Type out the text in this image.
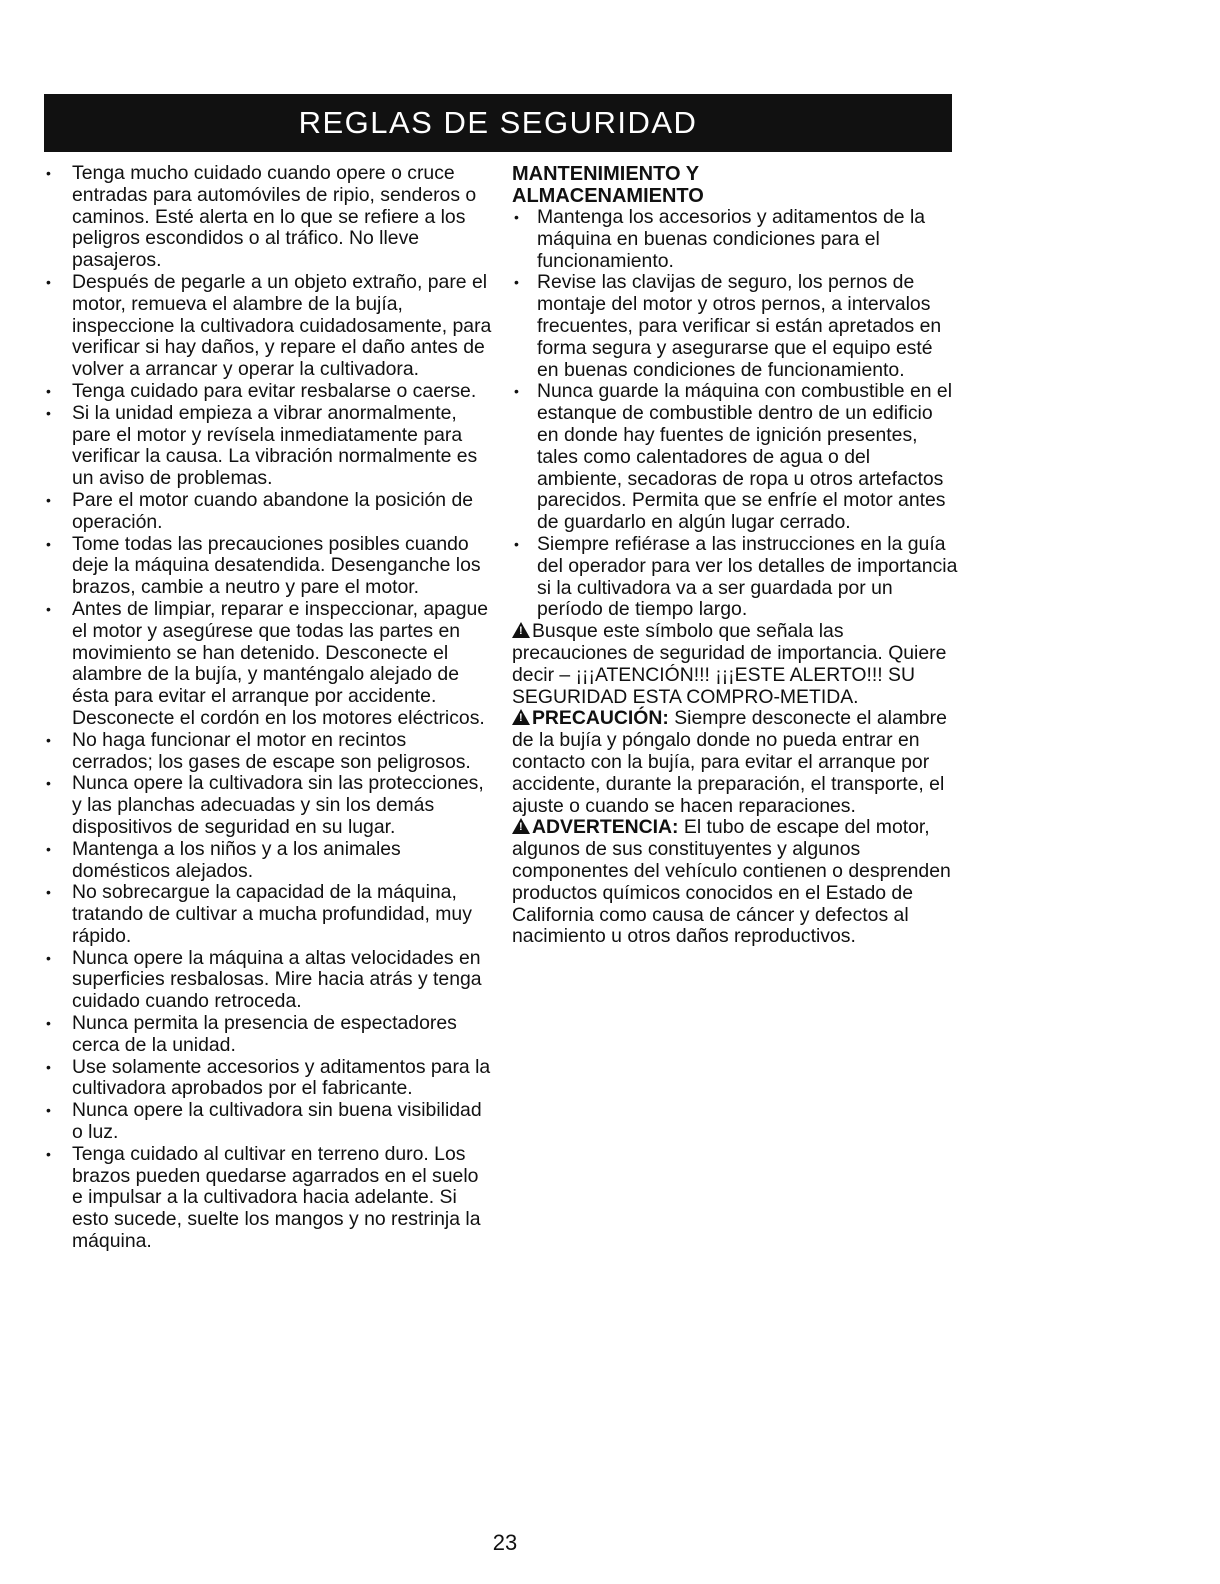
REGLAS DE SEGURIDAD
• Tenga mucho cuidado cuando opere o cruce entradas para automóviles de ripio, senderos o caminos. Esté alerta en lo que se refiere a los peligros escondidos o al tráfico. No lleve pasajeros.
• Después de pegarle a un objeto extraño, pare el motor, remueva el alambre de la bujía, inspeccione la cultivadora cuidadosamente, para verificar si hay daños, y repare el daño antes de volver a arrancar y operar la cultivadora.
• Tenga cuidado para evitar resbalarse o caerse.
• Si la unidad empieza a vibrar anormalmente, pare el motor y revísela inmediatamente para verificar la causa. La vibración normalmente es un aviso de problemas.
• Pare el motor cuando abandone la posición de operación.
• Tome todas las precauciones posibles cuando deje la máquina desatendida. Desenganche los brazos, cambie a neutro y pare el motor.
• Antes de limpiar, reparar e inspeccionar, apague el motor y asegúrese que todas las partes en movimiento se han detenido. Desconecte el alambre de la bujía, y manténgalo alejado de ésta para evitar el arranque por accidente. Desconecte el cordón en los motores eléctricos.
• No haga funcionar el motor en recintos cerrados; los gases de escape son peligrosos.
• Nunca opere la cultivadora sin las protecciones, y las planchas adecuadas y sin los demás dispositivos de seguridad en su lugar.
• Mantenga a los niños y a los animales domésticos alejados.
• No sobrecargue la capacidad de la máquina, tratando de cultivar a mucha profundidad, muy rápido.
• Nunca opere la máquina a altas velocidades en superficies resbalosas. Mire hacia atrás y tenga cuidado cuando retroceda.
• Nunca permita la presencia de espectadores cerca de la unidad.
• Use solamente accesorios y aditamentos para la cultivadora aprobados por el fabricante.
• Nunca opere la cultivadora sin buena visibilidad o luz.
• Tenga cuidado al cultivar en terreno duro. Los brazos pueden quedarse agarrados en el suelo e impulsar a la cultivadora hacia adelante. Si esto sucede, suelte los mangos y no restrinja la máquina.

MANTENIMIENTO Y
ALMACENAMIENTO

• Mantenga los accesorios y aditamentos de la máquina en buenas condiciones para el funcionamiento.
• Revise las clavijas de seguro, los pernos de montaje del motor y otros pernos, a intervalos frecuentes, para verificar si están apretados en forma segura y asegurarse que el equipo esté en buenas condiciones de funcionamiento.
• Nunca guarde la máquina con combustible en el estanque de combustible dentro de un edificio en donde hay fuentes de ignición presentes, tales como calentadores de agua o del ambiente, secadoras de ropa u otros artefactos parecidos. Permita que se enfríe el motor antes de guardarlo en algún lugar cerrado.
• Siempre refiérase a las instrucciones en la guía del operador para ver los detalles de importancia si la cultivadora va a ser guardada por un período de tiempo largo.

!Busque este símbolo que señala las precauciones de seguridad de importancia. Quiere decir – ¡¡¡ATENCIÓN!!! ¡¡¡ESTE ALERTO!!! SU SEGURIDAD ESTA COMPRO-METIDA.

!PRECAUCIÓN: Siempre desconecte el alambre de la bujía y póngalo donde no pueda entrar en contacto con la bujía, para evitar el arranque por accidente, durante la preparación, el transporte, el ajuste o cuando se hacen reparaciones.

!ADVERTENCIA: El tubo de escape del motor, algunos de sus constituyentes y algunos componentes del vehículo contienen o desprenden productos químicos conocidos en el Estado de California como causa de cáncer y defectos al nacimiento u otros daños reproductivos.

23
